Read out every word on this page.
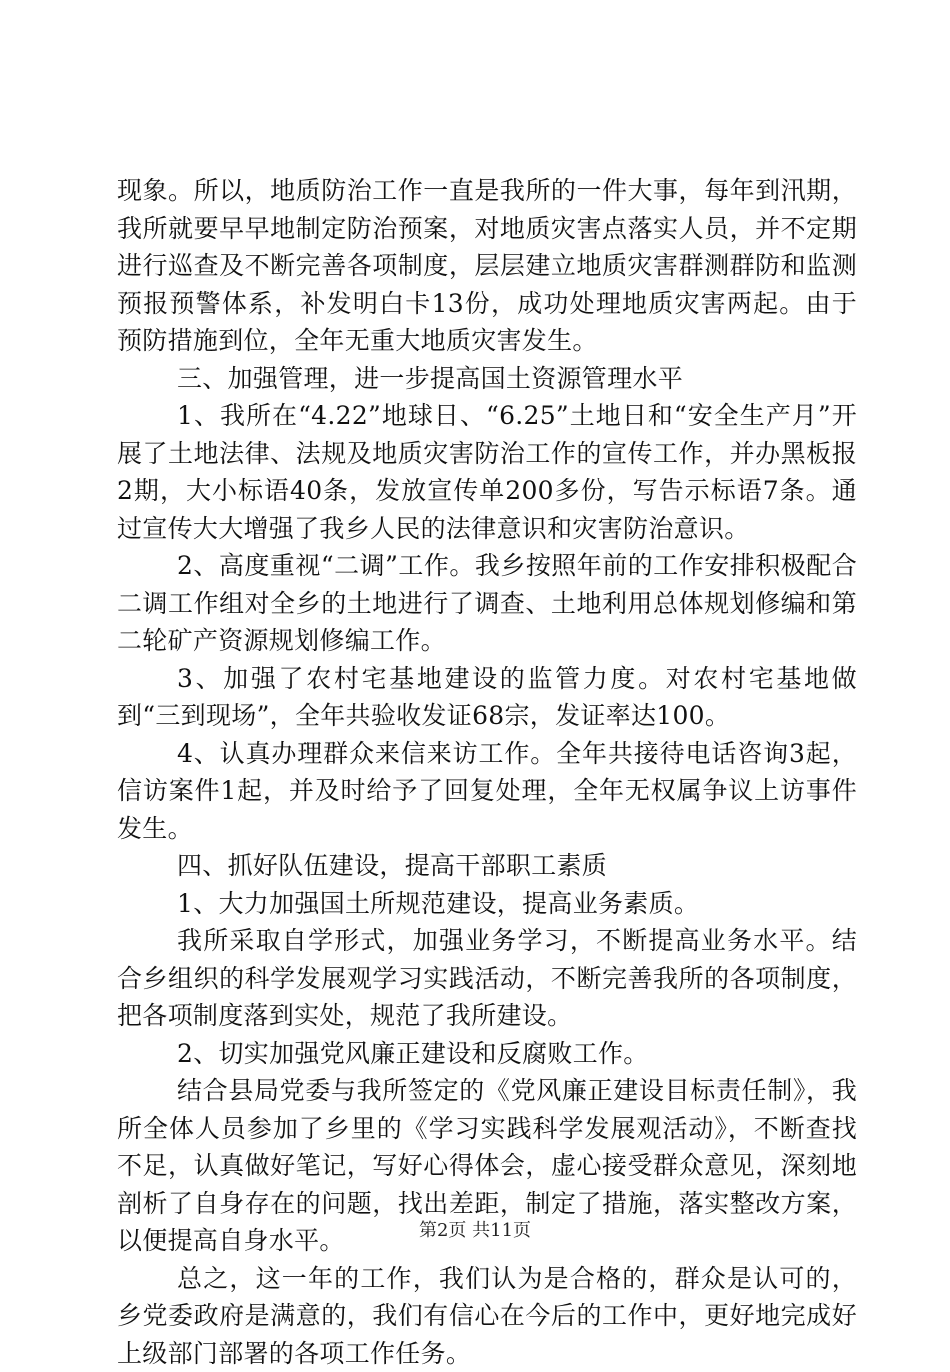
现象。所以，地质防治工作一直是我所的一件大事，每年到汛期，我所就要早早地制定防治预案，对地质灾害点落实人员，并不定期进行巡查及不断完善各项制度，层层建立地质灾害群测群防和监测预报预警体系，补发明白卡13份，成功处理地质灾害两起。由于预防措施到位，全年无重大地质灾害发生。

三、加强管理，进一步提高国土资源管理水平

1、我所在“4.22”地球日、“6.25”土地日和“安全生产月”开展了土地法律、法规及地质灾害防治工作的宣传工作，并办黑板报2期，大小标语40条，发放宣传单200多份，写告示标语7条。通过宣传大大增强了我乡人民的法律意识和灾害防治意识。

2、高度重视“二调”工作。我乡按照年前的工作安排积极配合二调工作组对全乡的土地进行了调查、土地利用总体规划修编和第二轮矿产资源规划修编工作。

3、加强了农村宅基地建设的监管力度。对农村宅基地做到“三到现场”，全年共验收发证68宗，发证率达100。

4、认真办理群众来信来访工作。全年共接待电话咨询3起，信访案件1起，并及时给予了回复处理，全年无权属争议上访事件发生。

四、抓好队伍建设，提高干部职工素质

1、大力加强国土所规范建设，提高业务素质。

我所采取自学形式，加强业务学习，不断提高业务水平。结合乡组织的科学发展观学习实践活动，不断完善我所的各项制度，把各项制度落到实处，规范了我所建设。

2、切实加强党风廉正建设和反腐败工作。

结合县局党委与我所签定的《党风廉正建设目标责任制》，我所全体人员参加了乡里的《学习实践科学发展观活动》，不断查找不足，认真做好笔记，写好心得体会，虚心接受群众意见，深刻地剖析了自身存在的问题，找出差距，制定了措施，落实整改方案，以便提高自身水平。

总之，这一年的工作，我们认为是合格的，群众是认可的，乡党委政府是满意的，我们有信心在今后的工作中，更好地完成好上级部门部署的各项工作任务。

第2页 共11页
